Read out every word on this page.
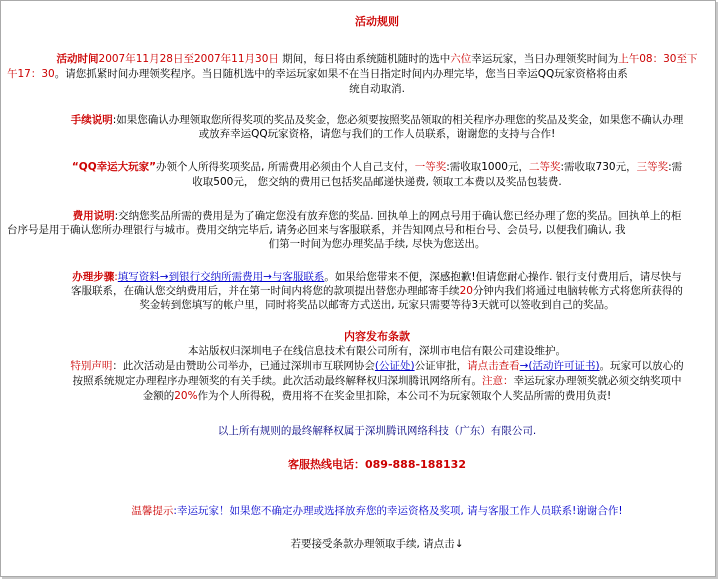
活动规则
活动时间2007年11月28日至2007年11月30日 期间，每日将由系统随机随时的选中六位幸运玩家，当日办理领奖时间为上午08：30至下
午17：30。请您抓紧时间办理领奖程序。当日随机选中的幸运玩家如果不在当日指定时间内办理完毕，您当日幸运QQ玩家资格将由系
统自动取消.
手续说明:如果您确认办理领取您所得奖项的奖品及奖金，您必须要按照奖品领取的相关程序办理您的奖品及奖金，如果您不确认办理
或放弃幸运QQ玩家资格，请您与我们的工作人员联系，谢谢您的支持与合作!
“QQ幸运大玩家”办领个人所得奖项奖品, 所需费用必须由个人自己支付，一等奖:需收取1000元，二等奖:需收取730元，三等奖:需
收取500元， 您交纳的费用已包括奖品邮递快递费, 领取工本费以及奖品包装费.
费用说明:交纳您奖品所需的费用是为了确定您没有放弃您的奖品. 回执单上的网点号用于确认您已经办理了您的奖品。回执单上的柜
台序号是用于确认您所办理银行与城市。费用交纳完毕后, 请务必回来与客服联系，并告知网点号和柜台号、会员号, 以便我们确认, 我
们第一时间为您办理奖品手续, 尽快为您送出。
办理步骤:填写资料→到银行交纳所需费用→与客服联系。如果给您带来不便，深感抱歉!但请您耐心操作. 银行支付费用后，请尽快与
客服联系，在确认您交纳费用后，并在第一时间内将您的款项提出替您办理邮寄手续20分钟内我们将通过电脑转帐方式将您所获得的
奖金转到您填写的帐户里，同时将奖品以邮寄方式送出, 玩家只需要等待3天就可以签收到自己的奖品。
内容发布条款
本站版权归深圳电子在线信息技术有限公司所有，深圳市电信有限公司建设维护。
特别声明：此次活动是由赞助公司举办，已通过深圳市互联网协会(公证处)公证审批，请点击查看→(活动许可证书)。玩家可以放心的
按照系统规定办理程序办理领奖的有关手续。此次活动最终解释权归深圳腾讯网络所有。注意：幸运玩家办理领奖就必须交纳奖项中
金额的20%作为个人所得税，费用将不在奖金里扣除，本公司不为玩家领取个人奖品所需的费用负责!
以上所有规则的最终解释权属于深圳腾讯网络科技（广东）有限公司.
客服热线电话：089-888-188132
温馨提示:幸运玩家！如果您不确定办理或选择放弃您的幸运资格及奖项, 请与客服工作人员联系!谢谢合作!
若要接受条款办理领取手续, 请点击↓
